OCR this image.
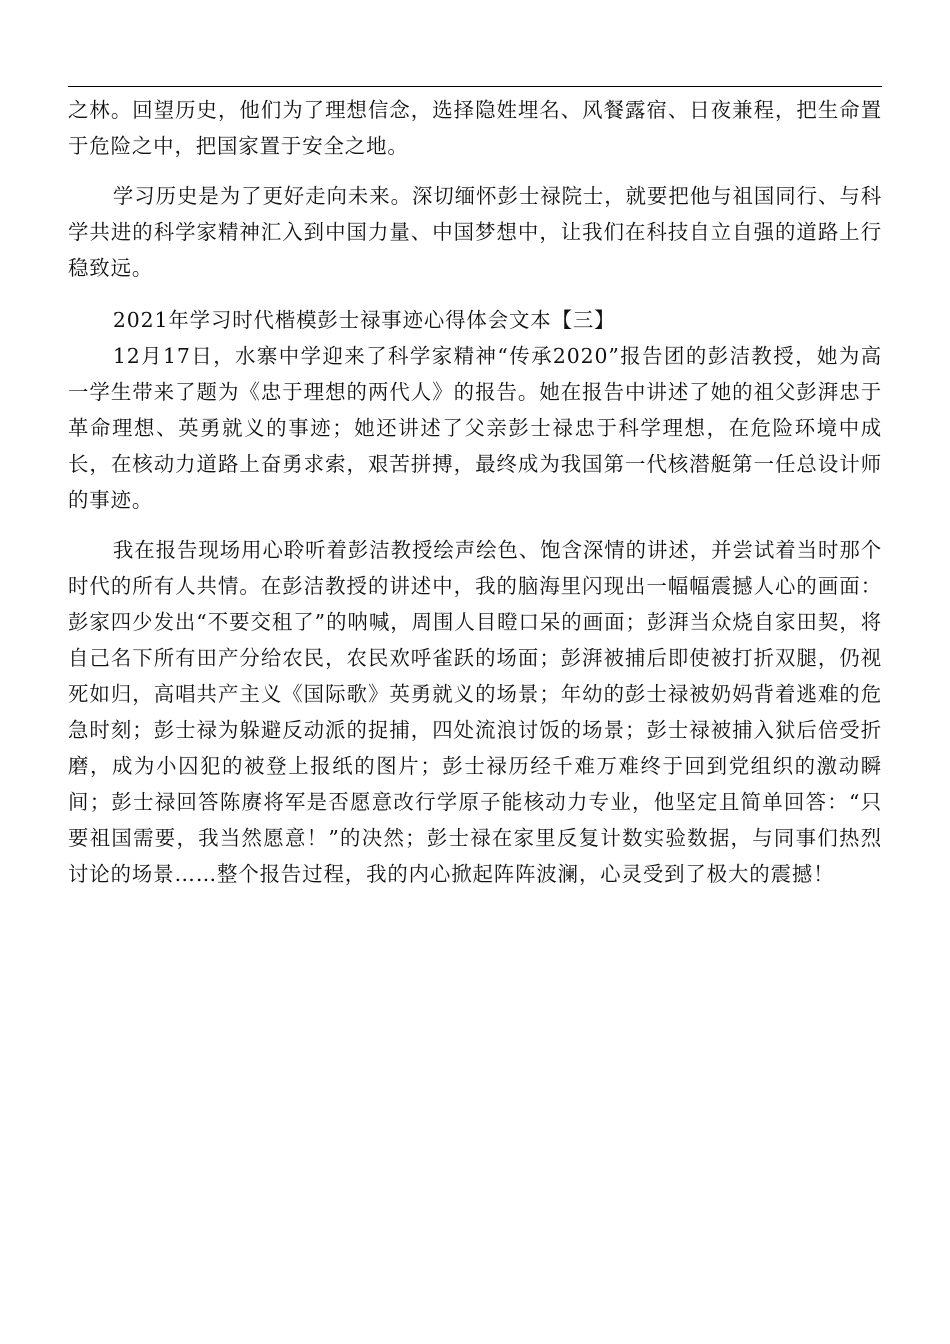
之林。回望历史，他们为了理想信念，选择隐姓埋名、风餐露宿、日夜兼程，把生命置于危险之中，把国家置于安全之地。

学习历史是为了更好走向未来。深切缅怀彭士禄院士，就要把他与祖国同行、与科学共进的科学家精神汇入到中国力量、中国梦想中，让我们在科技自立自强的道路上行稳致远。

2021年学习时代楷模彭士禄事迹心得体会文本【三】

12月17日，水寨中学迎来了科学家精神“传承2020”报告团的彭洁教授，她为高一学生带来了题为《忠于理想的两代人》的报告。她在报告中讲述了她的祖父彭湃忠于革命理想、英勇就义的事迹；她还讲述了父亲彭士禄忠于科学理想，在危险环境中成长，在核动力道路上奋勇求索，艰苦拼搏，最终成为我国第一代核潜艇第一任总设计师的事迹。

我在报告现场用心聆听着彭洁教授绘声绘色、饱含深情的讲述，并尝试着当时那个时代的所有人共情。在彭洁教授的讲述中，我的脑海里闪现出一幅幅震撼人心的画面：彭家四少发出“不要交租了”的呐喊，周围人目瞪口呆的画面；彭湃当众烧自家田契，将自己名下所有田产分给农民，农民欢呼雀跃的场面；彭湃被捕后即使被打折双腿，仍视死如归，高唱共产主义《国际歌》英勇就义的场景；年幼的彭士禄被奶妈背着逃难的危急时刻；彭士禄为躲避反动派的捉捕，四处流浪讨饭的场景；彭士禄被捕入狱后倍受折磨，成为小囚犯的被登上报纸的图片；彭士禄历经千难万难终于回到党组织的激动瞬间；彭士禄回答陈赓将军是否愿意改行学原子能核动力专业，他坚定且简单回答：“只要祖国需要，我当然愿意！”的决然；彭士禄在家里反复计数实验数据，与同事们热烈讨论的场景……整个报告过程，我的内心掀起阵阵波澜，心灵受到了极大的震撼！
